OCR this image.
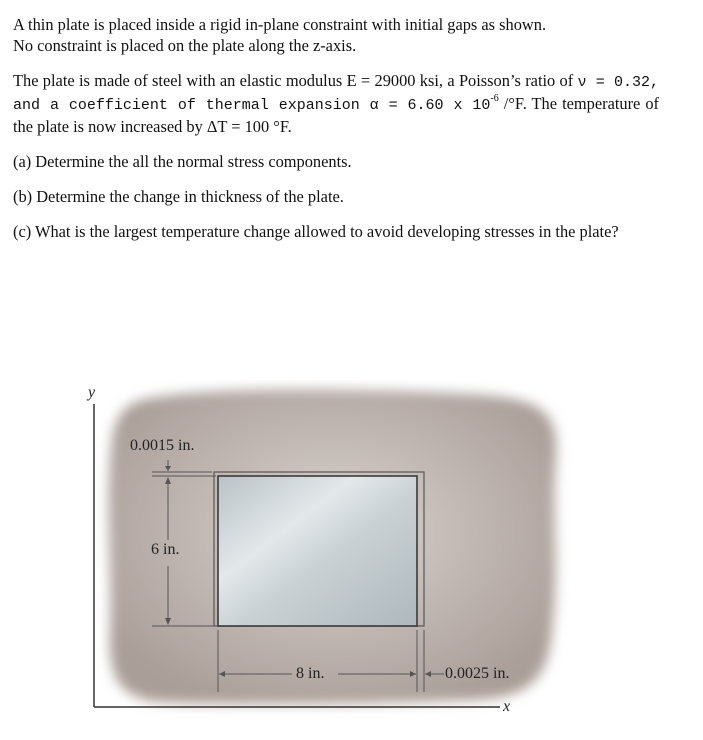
A thin plate is placed inside a rigid in-plane constraint with initial gaps as shown.
No constraint is placed on the plate along the z-axis.

The plate is made of steel with an elastic modulus E = 29000 ksi, a Poisson’s ratio of ν = 0.32, and a coefficient of thermal expansion α = 6.60 x $10^{-6}$ /°F. The temperature of the plate is now increased by ΔT = 100 °F.

(a) Determine the all the normal stress components.

(b) Determine the change in thickness of the plate.

(c) What is the largest temperature change allowed to avoid developing stresses in the plate?

y
x
0.0015 in.
6 in.
8 in.	0.0025 in.
